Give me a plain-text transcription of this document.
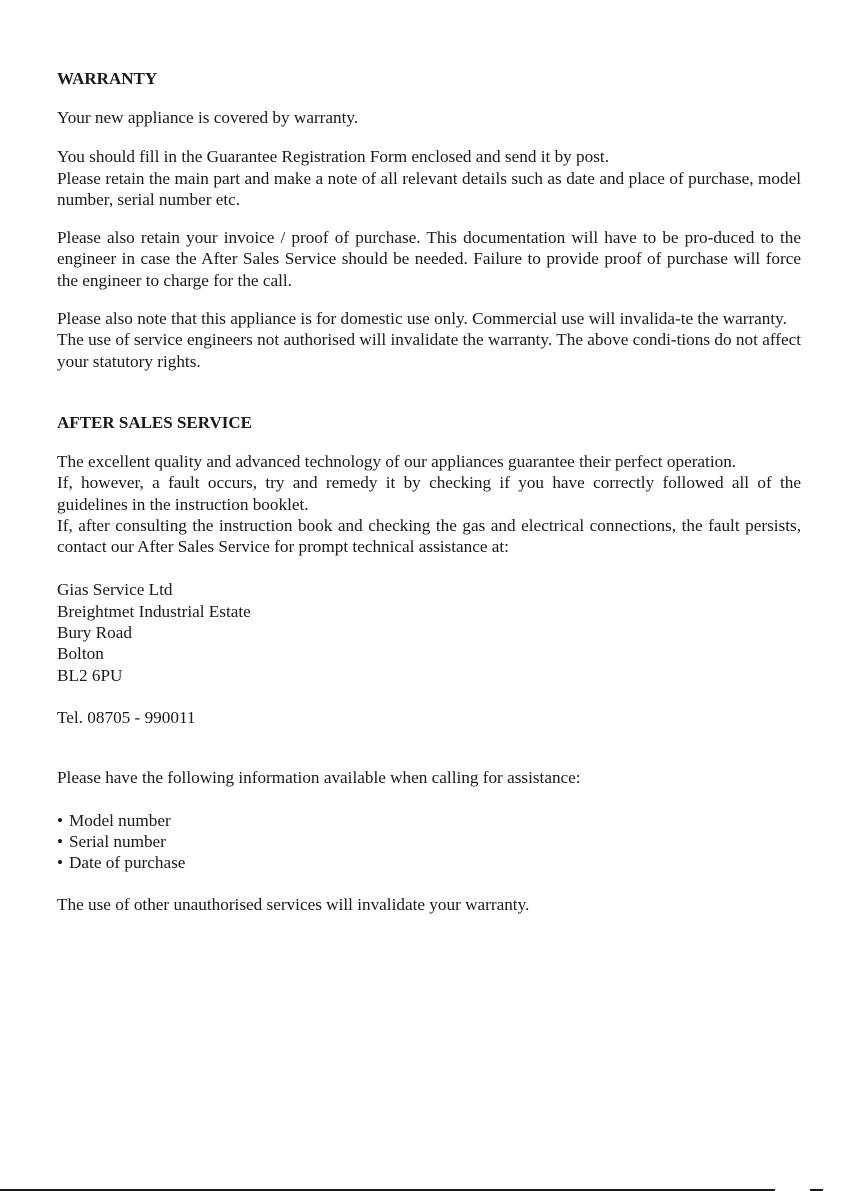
WARRANTY

Your new appliance is covered by warranty.

You should fill in the Guarantee Registration Form enclosed and send it by post.

Please retain the main part and make a note of all relevant details such as date and place of purchase, model number, serial number etc.

Please also retain your invoice / proof of purchase. This documentation will have to be pro-duced to the engineer in case the After Sales Service should be needed. Failure to provide proof of purchase will force the engineer to charge for the call.

Please also note that this appliance is for domestic use only. Commercial use will invalida-te the warranty.

The use of service engineers not authorised will invalidate the warranty. The above condi-tions do not affect your statutory rights.

AFTER SALES SERVICE

The excellent quality and advanced technology of our appliances guarantee their perfect operation.

If, however, a fault occurs, try and remedy it by checking if you have correctly followed all of the guidelines in the instruction booklet.

If, after consulting the instruction book and checking the gas and electrical connections, the fault persists, contact our After Sales Service for prompt technical assistance at:

Gias Service Ltd
Breightmet Industrial Estate
Bury Road
Bolton
BL2 6PU

Tel. 08705 - 990011

Please have the following information available when calling for assistance:

• Model number
• Serial number
• Date of purchase

The use of other unauthorised services will invalidate your warranty.
